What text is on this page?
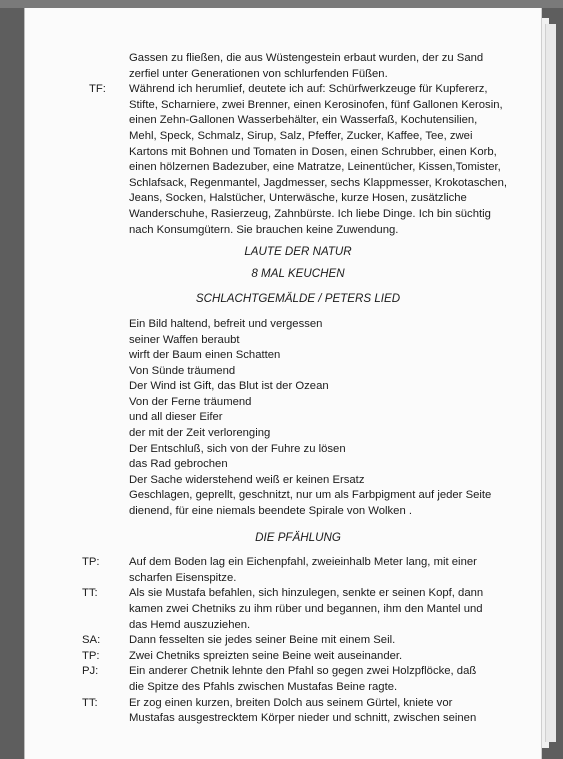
Gassen zu fließen, die aus Wüstengestein erbaut wurden, der zu Sand
zerfiel unter Generationen von schlurfenden Füßen.
TF: Während ich herumlief, deutete ich auf: Schürfwerkzeuge für Kupfererz,
Stifte, Scharniere, zwei Brenner, einen Kerosinofen, fünf Gallonen Kerosin,
einen Zehn-Gallonen Wasserbehälter, ein Wasserfaß, Kochutensilien,
Mehl, Speck, Schmalz, Sirup, Salz, Pfeffer, Zucker, Kaffee, Tee, zwei
Kartons mit Bohnen und Tomaten in Dosen, einen Schrubber, einen Korb,
einen hölzernen Badezuber, eine Matratze, Leinentücher, Kissen,Tomister,
Schlafsack, Regenmantel, Jagdmesser, sechs Klappmesser, Krokotaschen,
Jeans, Socken, Halstücher, Unterwäsche, kurze Hosen, zusätzliche
Wanderschuhe, Rasierzeug, Zahnbürste. Ich liebe Dinge. Ich bin süchtig
nach Konsumgütern. Sie brauchen keine Zuwendung.
LAUTE DER NATUR
8 MAL KEUCHEN
SCHLACHTGEMÄLDE / PETERS LIED
Ein Bild haltend, befreit und vergessen
seiner Waffen beraubt
wirft der Baum einen Schatten
Von Sünde träumend
Der Wind ist Gift, das Blut ist der Ozean
Von der Ferne träumend
und all dieser Eifer
der mit der Zeit verlorenging
Der Entschluß, sich von der Fuhre zu lösen
das Rad gebrochen
Der Sache widerstehend weiß er keinen Ersatz
Geschlagen, geprellt, geschnitzt, nur um als Farbpigment auf jeder Seite
dienend, für eine niemals beendete Spirale von Wolken .
DIE PFÄHLUNG
TP:	Auf dem Boden lag ein Eichenpfahl, zweieinhalb Meter lang, mit einer
scharfen Eisenspitze.
TT:	Als sie Mustafa befahlen, sich hinzulegen, senkte er seinen Kopf, dann
kamen zwei Chetniks zu ihm rüber und begannen, ihm den Mantel und
das Hemd auszuziehen.
SA:	Dann fesselten sie jedes seiner Beine mit einem Seil.
TP:	Zwei Chetniks spreizten seine Beine weit auseinander.
PJ:	Ein anderer Chetnik lehnte den Pfahl so gegen zwei Holzpflöcke, daß
die Spitze des Pfahls zwischen Mustafas Beine ragte.
TT:	Er zog einen kurzen, breiten Dolch aus seinem Gürtel, kniete vor
Mustafas ausgestrecktem Körper nieder und schnitt, zwischen seinen
